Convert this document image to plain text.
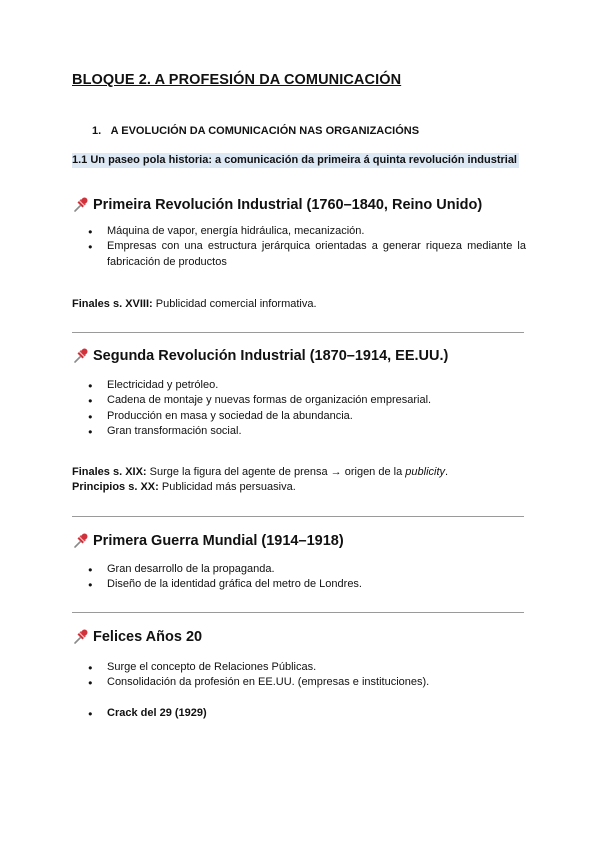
BLOQUE 2. A PROFESIÓN DA COMUNICACIÓN

1. A EVOLUCIÓN DA COMUNICACIÓN NAS ORGANIZACIÓNS

1.1 Un paseo pola historia: a comunicación da primeira á quinta revolución industrial

Primeira Revolución Industrial (1760–1840, Reino Unido)
● Máquina de vapor, energía hidráulica, mecanización.
● Empresas con una estructura jerárquica orientadas a generar riqueza mediante la fabricación de productos

Finales s. XVIII: Publicidad comercial informativa.

Segunda Revolución Industrial (1870–1914, EE.UU.)
● Electricidad y petróleo.
● Cadena de montaje y nuevas formas de organización empresarial.
● Producción en masa y sociedad de la abundancia.
● Gran transformación social.

Finales s. XIX: Surge la figura del agente de prensa → origen de la publicity.

Principios s. XX: Publicidad más persuasiva.

Primera Guerra Mundial (1914–1918)
● Gran desarrollo de la propaganda.
● Diseño de la identidad gráfica del metro de Londres.
Felices Años 20
● Surge el concepto de Relaciones Públicas.
● Consolidación da profesión en EE.UU. (empresas e instituciones).

● Crack del 29 (1929)
